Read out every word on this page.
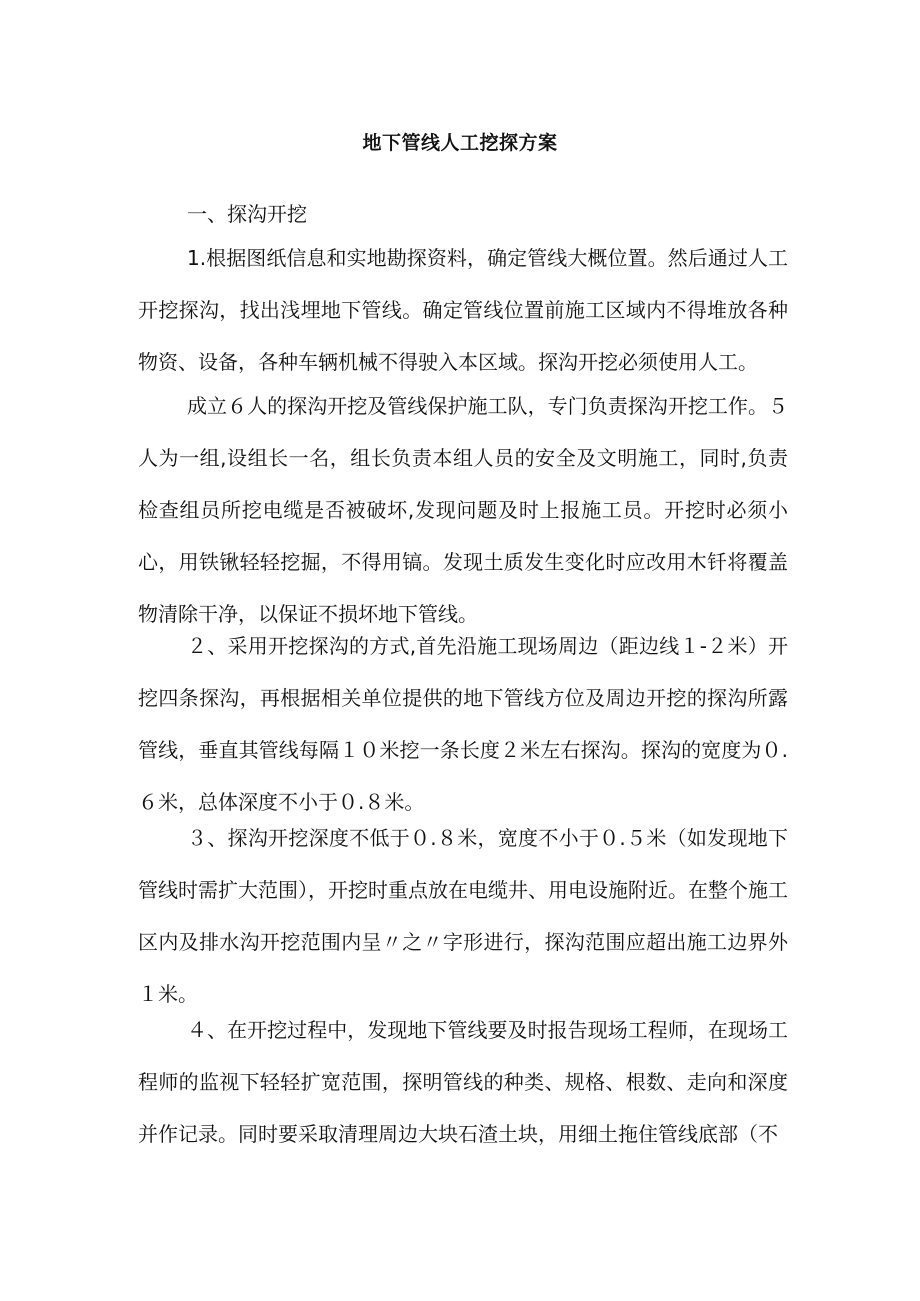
地下管线人工挖探方案
一、探沟开挖

1.根据图纸信息和实地勘探资料，确定管线大概位置。然后通过人工开挖探沟，找出浅埋地下管线。确定管线位置前施工区域内不得堆放各种物资、设备，各种车辆机械不得驶入本区域。探沟开挖必须使用人工。

成立６人的探沟开挖及管线保护施工队，专门负责探沟开挖工作。５人为一组,设组长一名，组长负责本组人员的安全及文明施工，同时,负责检查组员所挖电缆是否被破坏,发现问题及时上报施工员。开挖时必须小心，用铁锹轻轻挖掘，不得用镐。发现土质发生变化时应改用木钎将覆盖物清除干净，以保证不损坏地下管线。

２、采用开挖探沟的方式,首先沿施工现场周边（距边线１-２米）开挖四条探沟，再根据相关单位提供的地下管线方位及周边开挖的探沟所露管线，垂直其管线每隔１０米挖一条长度２米左右探沟。探沟的宽度为０.６米，总体深度不小于０.８米。

３、探沟开挖深度不低于０.８米，宽度不小于０.５米（如发现地下管线时需扩大范围），开挖时重点放在电缆井、用电设施附近。在整个施工区内及排水沟开挖范围内呈〃之〃字形进行，探沟范围应超出施工边界外１米。

４、在开挖过程中，发现地下管线要及时报告现场工程师，在现场工程师的监视下轻轻扩宽范围，探明管线的种类、规格、根数、走向和深度并作记录。同时要采取清理周边大块石渣土块，用细土拖住管线底部（不
